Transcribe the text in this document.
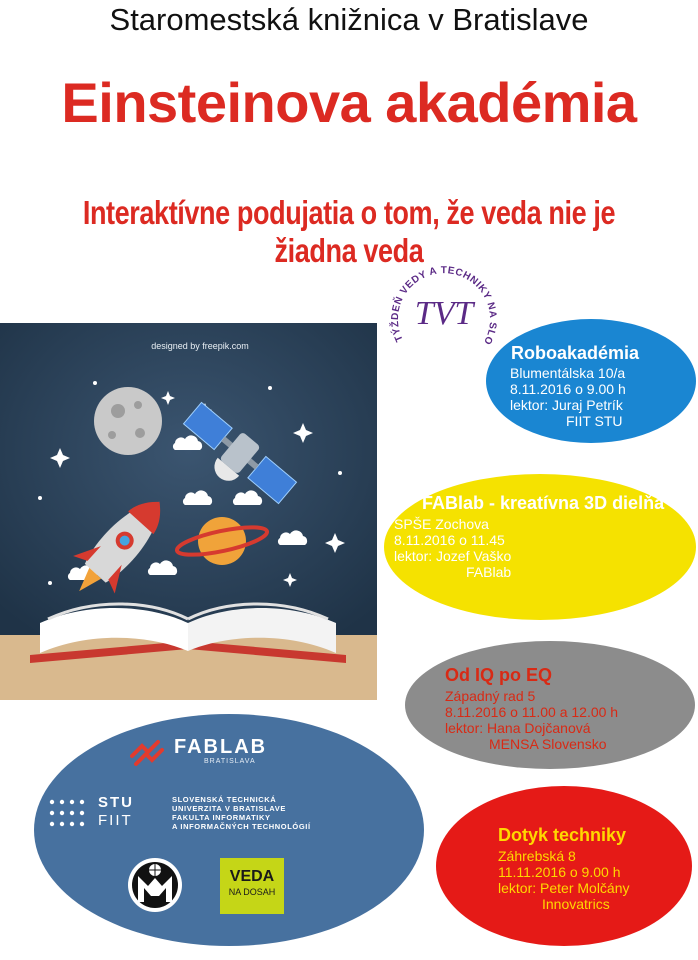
Staromestská knižnica v Bratislave
Einsteinova akadémia
Interaktívne podujatia o tom, že veda nie je žiadna veda
TÝŽDEŇ VEDY A TECHNIKY NA SLO
TVT
designed by freepik.com	Roboakadémia
Blumentálska 10/a
8.11.2016 o 9.00 h
lektor: Juraj Petrík
FIIT STU
FABlab - kreatívna 3D dielňa
SPŠE Zochova
8.11.2016 o 11.45
lektor: Jozef Vaško
FABlab
Od IQ po EQ
Západný rad 5
8.11.2016 o 11.00 a 12.00 h
lektor: Hana Dojčanová
MENSA Slovensko
Dotyk techniky
Záhrebská 8
11.11.2016 o 9.00 h
lektor: Peter Molčány
Innovatrics
FABLAB
BRATISLAVA
STU
FIIT
SLOVENSKÁ TECHNICKÁ
UNIVERZITA V BRATISLAVE
FAKULTA INFORMATIKY
A INFORMAČNÝCH TECHNOLÓGIÍ
VEDA
NA DOSAH
